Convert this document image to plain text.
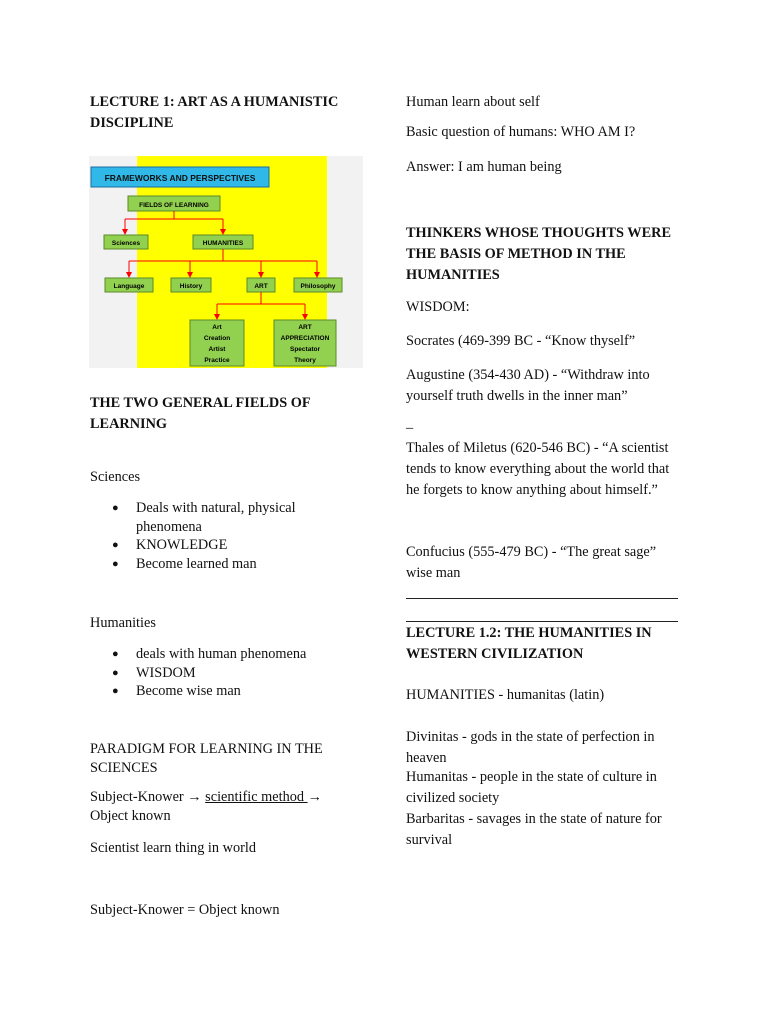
LECTURE 1: ART AS A HUMANISTIC DISCIPLINE
FRAMEWORKS AND PERSPECTIVES
FIELDS OF LEARNING
Sciences	HUMANITIES
Language	History	ART	Philosophy
Art
Creation
Artist
Practice
ART
APPRECIATION
Spectator
Theory
THE TWO GENERAL FIELDS OF LEARNING
Sciences
● Deals with natural, physical phenomena
● KNOWLEDGE
● Become learned man
Humanities
● deals with human phenomena
● WISDOM
● Become wise man
PARADIGM FOR LEARNING IN THE SCIENCES
Subject-Knower → scientific method → Object known
Scientist learn thing in world
Subject-Knower = Object known
Human learn about self
Basic question of humans: WHO AM I?
Answer: I am human being
THINKERS WHOSE THOUGHTS WERE THE BASIS OF METHOD IN THE HUMANITIES
WISDOM:
Socrates (469-399 BC - “Know thyself”
Augustine (354-430 AD) - “Withdraw into yourself truth dwells in the inner man”
_
Thales of Miletus (620-546 BC) - “A scientist tends to know everything about the world that he forgets to know anything about himself.”
Confucius (555-479 BC) - “The great sage” wise man
LECTURE 1.2: THE HUMANITIES IN WESTERN CIVILIZATION
HUMANITIES - humanitas (latin)
Divinitas - gods in the state of perfection in heaven
Humanitas - people in the state of culture in civilized society
Barbaritas - savages in the state of nature for survival
